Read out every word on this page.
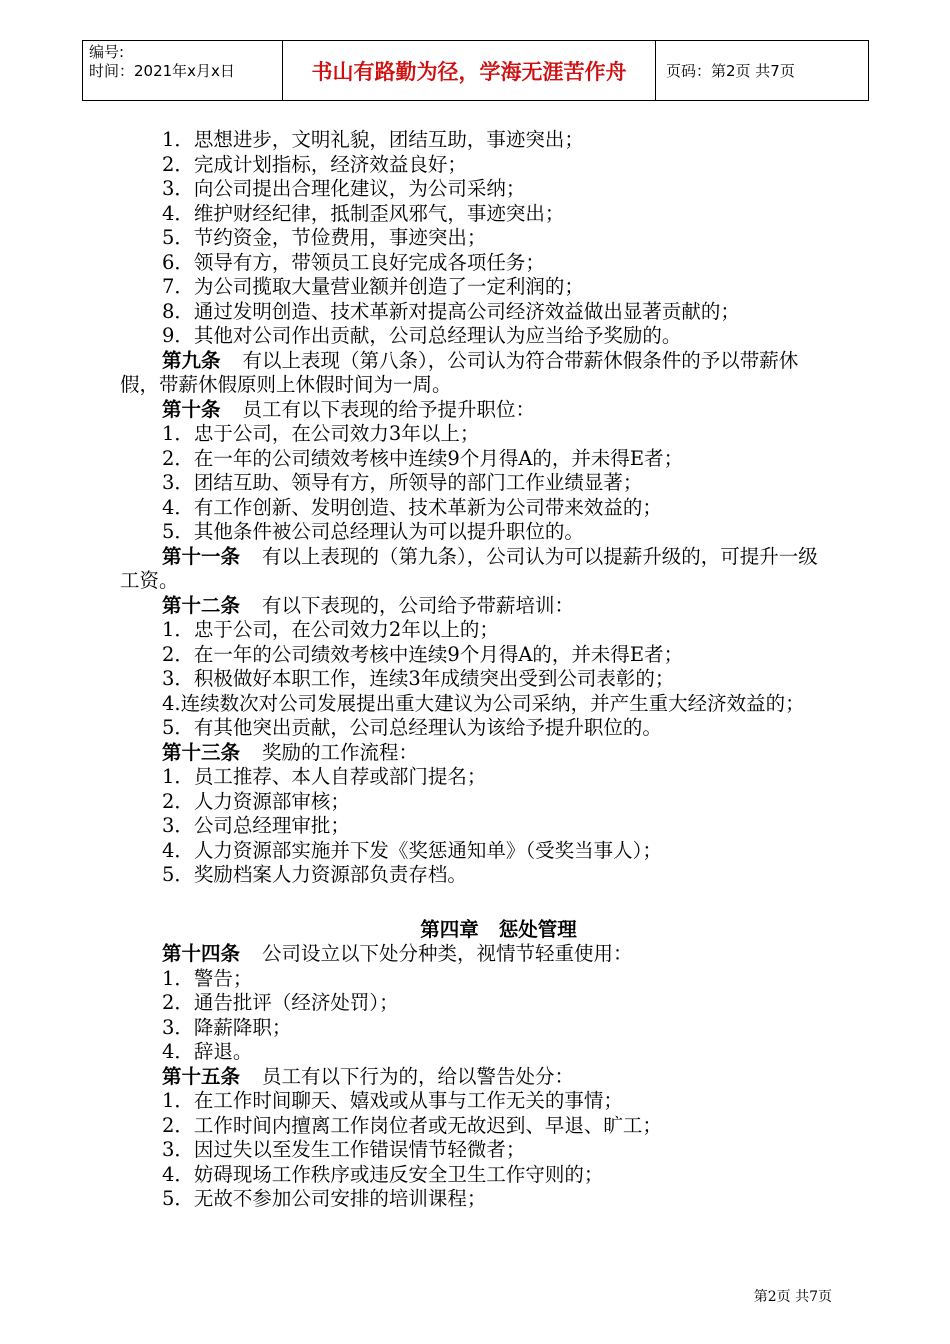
编号:
时间：2021年x月x日	书山有路勤为径，学海无涯苦作舟	页码：第2页 共7页
1．思想进步，文明礼貌，团结互助，事迹突出；
2．完成计划指标，经济效益良好；
3．向公司提出合理化建议，为公司采纳；
4．维护财经纪律，抵制歪风邪气，事迹突出；
5．节约资金，节俭费用，事迹突出；
6．领导有方，带领员工良好完成各项任务；
7．为公司揽取大量营业额并创造了一定利润的；
8．通过发明创造、技术革新对提高公司经济效益做出显著贡献的；
9．其他对公司作出贡献，公司总经理认为应当给予奖励的。
第九条 有以上表现（第八条），公司认为符合带薪休假条件的予以带薪休假，带薪休假原则上休假时间为一周。
第十条 员工有以下表现的给予提升职位：
1．忠于公司，在公司效力3年以上；
2．在一年的公司绩效考核中连续9个月得A的，并未得E者；
3．团结互助、领导有方，所领导的部门工作业绩显著；
4．有工作创新、发明创造、技术革新为公司带来效益的；
5．其他条件被公司总经理认为可以提升职位的。
第十一条 有以上表现的（第九条），公司认为可以提薪升级的，可提升一级工资。
第十二条 有以下表现的，公司给予带薪培训：
1．忠于公司，在公司效力2年以上的；
2．在一年的公司绩效考核中连续9个月得A的，并未得E者；
3．积极做好本职工作，连续3年成绩突出受到公司表彰的；
4.连续数次对公司发展提出重大建议为公司采纳，并产生重大经济效益的；
5．有其他突出贡献，公司总经理认为该给予提升职位的。
第十三条 奖励的工作流程：
1．员工推荐、本人自荐或部门提名；
2．人力资源部审核；
3．公司总经理审批；
4．人力资源部实施并下发《奖惩通知单》（受奖当事人）；
5．奖励档案人力资源部负责存档。
第四章 惩处管理
第十四条 公司设立以下处分种类，视情节轻重使用：
1．警告；
2．通告批评（经济处罚）；
3．降薪降职；
4．辞退。
第十五条 员工有以下行为的，给以警告处分：
1．在工作时间聊天、嬉戏或从事与工作无关的事情；
2．工作时间内擅离工作岗位者或无故迟到、早退、旷工；
3．因过失以至发生工作错误情节轻微者；
4．妨碍现场工作秩序或违反安全卫生工作守则的；
5．无故不参加公司安排的培训课程；
第2页 共7页
